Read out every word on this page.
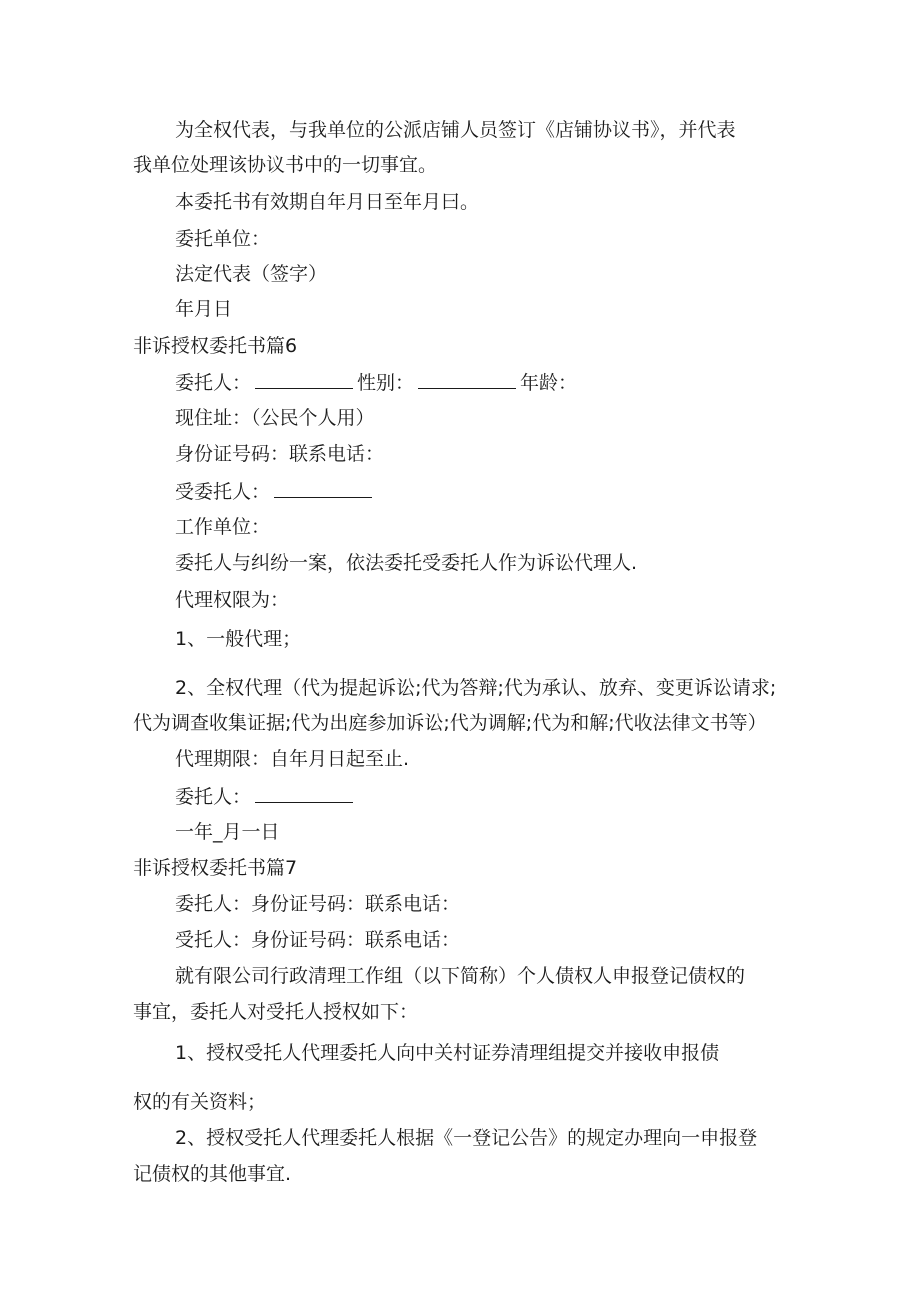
为全权代表，与我单位的公派店铺人员签订《店铺协议书》，并代表
我单位处理该协议书中的一切事宜。
本委托书有效期自年月日至年月曰。
委托单位：
法定代表（签字）
年月日
非诉授权委托书篇6
委托人：	性别：	年龄：
现住址：（公民个人用）
身份证号码：联系电话：
受委托人：
工作单位：
委托人与纠纷一案，依法委托受委托人作为诉讼代理人.
代理权限为：
1、一般代理；
2、全权代理（代为提起诉讼;代为答辩;代为承认、放弃、变更诉讼请求;
代为调查收集证据;代为出庭参加诉讼;代为调解;代为和解;代收法律文书等）
代理期限：自年月日起至止.
委托人：
一年_月一日
非诉授权委托书篇7
委托人：身份证号码：联系电话：
受托人：身份证号码：联系电话：
就有限公司行政清理工作组（以下简称）个人债权人申报登记债权的
事宜，委托人对受托人授权如下：
1、授权受托人代理委托人向中关村证券清理组提交并接收申报债
权的有关资料；
2、授权受托人代理委托人根据《一登记公告》的规定办理向一申报登
记债权的其他事宜.
